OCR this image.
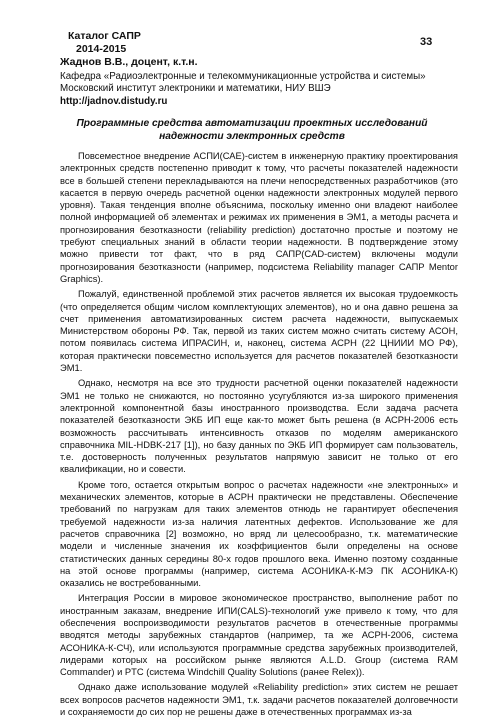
Каталог САПР
2014-2015
33
Жаднов В.В., доцент, к.т.н.
Кафедра «Радиоэлектронные и телекоммуникационные устройства и системы»
Московский институт электроники и математики, НИУ ВШЭ
http://jadnov.distudy.ru
Программные средства автоматизации проектных исследований
надежности электронных средств

Повсеместное внедрение АСПИ(САЕ)-систем в инженерную практику проектирования электронных средств постепенно приводит к тому, что расчеты показателей надежности все в большей степени перекладываются на плечи непосредственных разработчиков (это касается в первую очередь расчетной оценки надежности электронных модулей первого уровня). Такая тенденция вполне объяснима, поскольку именно они владеют наиболее полной информацией об элементах и режимах их применения в ЭМ1, а методы расчета и прогнозирования безотказности (reliability prediction) достаточно простые и поэтому не требуют специальных знаний в области теории надежности. В подтверждение этому можно привести тот факт, что в ряд САПР(CAD-систем) включены модули прогнозирования безотказности (например, подсистема Reliability manager САПР Mentor Graphics).

Пожалуй, единственной проблемой этих расчетов является их высокая трудоемкость (что определяется общим числом комплектующих элементов), но и она давно решена за счет применения автоматизированных систем расчета надежности, выпускаемых Министерством обороны РФ. Так, первой из таких систем можно считать систему АСОН, потом появилась система ИПРАСИН, и, наконец, система АСРН (22 ЦНИИИ МО РФ), которая практически повсеместно используется для расчетов показателей безотказности ЭМ1.

Однако, несмотря на все это трудности расчетной оценки показателей надежности ЭМ1 не только не снижаются, но постоянно усугубляются из-за широкого применения электронной компонентной базы иностранного производства. Если задача расчета показателей безотказности ЭКБ ИП еще как-то может быть решена (в АСРН-2006 есть возможность рассчитывать интенсивность отказов по моделям американского справочника MIL-HDBK-217 [1]), но базу данных по ЭКБ ИП формирует сам пользователь, т.е. достоверность полученных результатов напрямую зависит не только от его квалификации, но и совести.

Кроме того, остается открытым вопрос о расчетах надежности «не электронных» и механических элементов, которые в АСРН практически не представлены. Обеспечение требований по нагрузкам для таких элементов отнюдь не гарантирует обеспечения требуемой надежности из-за наличия латентных дефектов. Использование же для расчетов справочника [2] возможно, но вряд ли целесообразно, т.к. математические модели и численные значения их коэффициентов были определены на основе статистических данных середины 80-х годов прошлого века. Именно поэтому созданные на этой основе программы (например, система АСОНИКА-К-МЭ ПК АСОНИКА-К) оказались не востребованными.

Интеграция России в мировое экономическое пространство, выполнение работ по иностранным заказам, внедрение ИПИ(CALS)-технологий уже привело к тому, что для обеспечения воспроизводимости результатов расчетов в отечественные программы вводятся методы зарубежных стандартов (например, та же АСРН-2006, система АСОНИКА-К-СЧ), или используются программные средства зарубежных производителей, лидерами которых на российском рынке являются A.L.D. Group (система RAM Commander) и PTC (система Windchill Quality Solutions (ранее Relex)).

Однако даже использование модулей «Reliability prediction» этих систем не решает всех вопросов расчетов надежности ЭМ1, т.к. задачи расчетов показателей долговечности и сохраняемости до сих пор не решены даже в отечественных программах из-за
